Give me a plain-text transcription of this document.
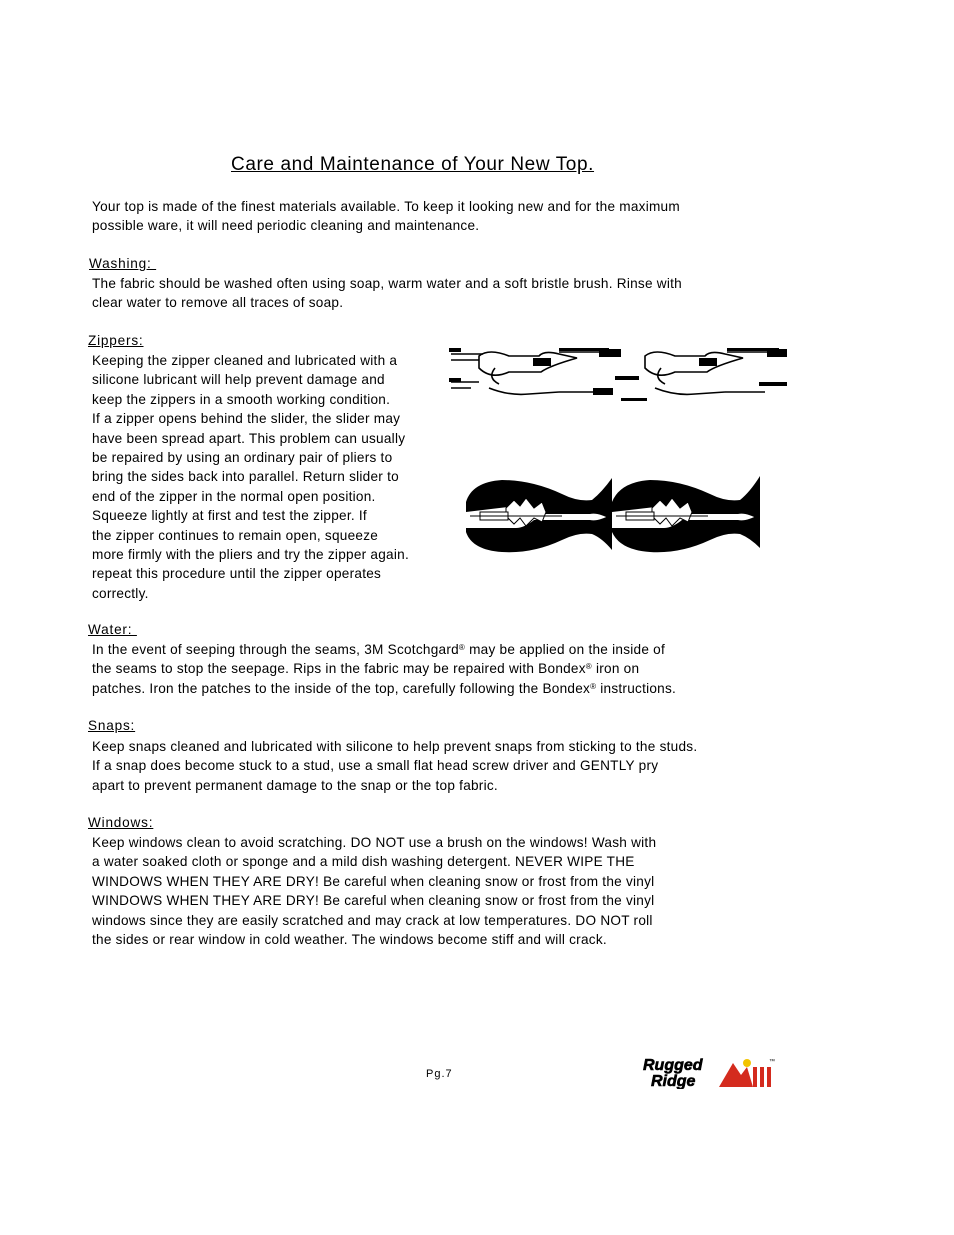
Care and Maintenance of Your New Top.
Your top is made of the finest materials available. To keep it looking new and for the maximum
possible ware, it will need periodic cleaning and maintenance.
Washing:
The fabric should be washed often using soap, warm water and a soft bristle brush. Rinse with
clear water to remove all traces of soap.
Zippers:
Keeping the zipper cleaned and lubricated with a
silicone lubricant will help prevent damage and
keep the zippers in a smooth working condition.
If a zipper opens behind the slider, the slider may
have been spread apart. This problem can usually
be repaired by using an ordinary pair of pliers to
bring the sides back into parallel. Return slider to
end of the zipper in the normal open position.
Squeeze lightly at first and test the zipper. If
the zipper continues to remain open, squeeze
more firmly with the pliers and try the zipper again.
repeat this procedure until the zipper operates
correctly.
Water:
In the event of seeping through the seams, 3M Scotchgard® may be applied on the inside of
the seams to stop the seepage. Rips in the fabric may be repaired with Bondex® iron on
patches. Iron the patches to the inside of the top, carefully following the Bondex® instructions.
Snaps:
Keep snaps cleaned and lubricated with silicone to help prevent snaps from sticking to the studs.
If a snap does become stuck to a stud, use a small flat head screw driver and GENTLY pry
apart to prevent permanent damage to the snap or the top fabric.
Windows:
Keep windows clean to avoid scratching. DO NOT use a brush on the windows! Wash with
a water soaked cloth or sponge and a mild dish washing detergent. NEVER WIPE THE
WINDOWS WHEN THEY ARE DRY! Be careful when cleaning snow or frost from the vinyl
WINDOWS WHEN THEY ARE DRY! Be careful when cleaning snow or frost from the vinyl
windows since they are easily scratched and may crack at low temperatures. DO NOT roll
the sides or rear window in cold weather. The windows become stiff and will crack.
Pg.7	Rugged
Ridge
™
